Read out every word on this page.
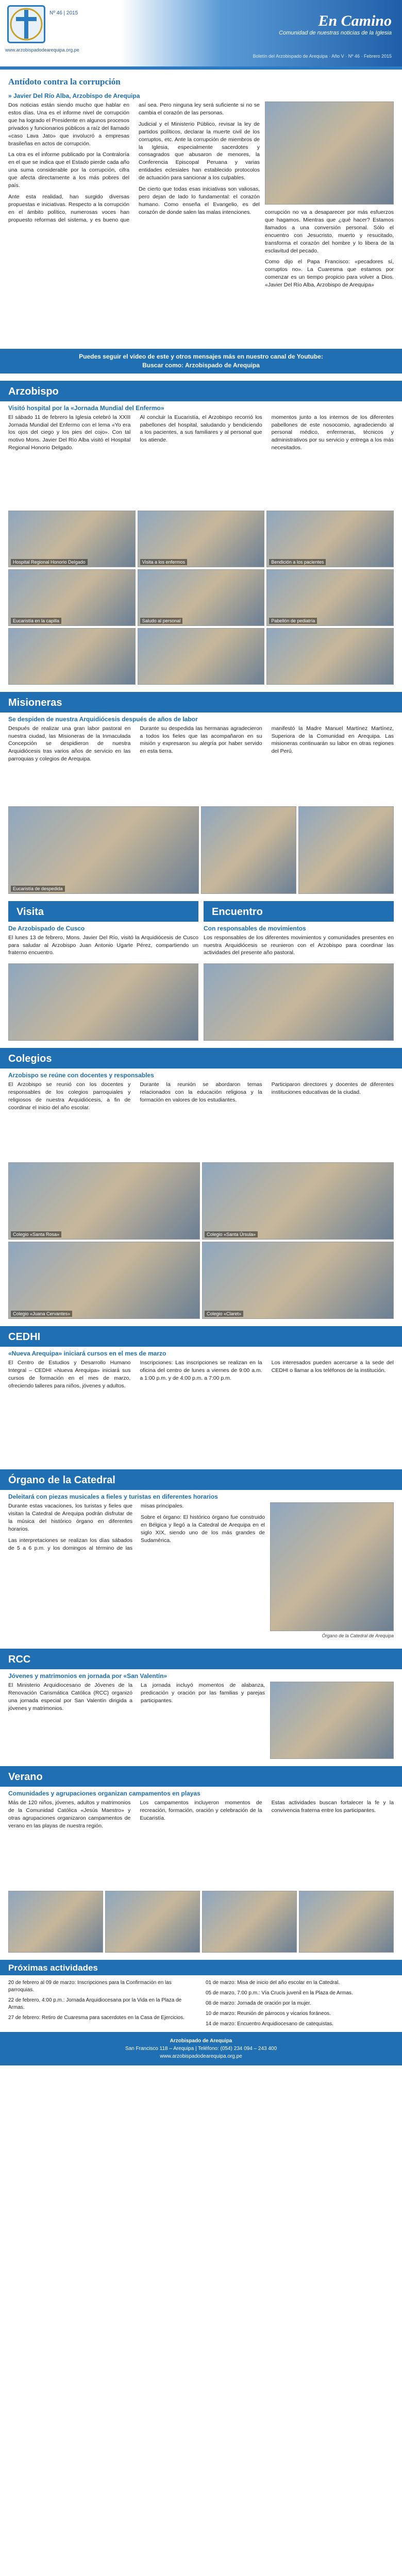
Nº 46 | 2015
www.arzobispadodearequipa.org.pe
En Camino

Comunidad de nuestras noticias de la Iglesia

Boletín del Arzobispado de Arequipa · Año V · Nº 46 · Febrero 2015
Antídoto contra la corrupción
» Javier Del Río Alba, Arzobispo de Arequipa

Dos noticias están siendo mucho que hablar en estos días. Una es el informe nivel de corrupción que ha logrado el Presidente en algunos procesos privados y funcionarios públicos a raíz del llamado «caso Lava Jato» que involucró a empresas brasileñas en actos de corrupción.

La otra es el informe publicado por la Contraloría en el que se indica que el Estado pierde cada año una suma considerable por la corrupción, cifra que afecta directamente a los más pobres del país.

Ante esta realidad, han surgido diversas propuestas e iniciativas. Respecto a la corrupción en el ámbito político, numerosas voces han propuesto reformas del sistema, y es bueno que así sea. Pero ninguna ley será suficiente si no se cambia el corazón de las personas.

Judicial y el Ministerio Público, revisar la ley de partidos políticos, declarar la muerte civil de los corruptos, etc. Ante la corrupción de miembros de la Iglesia, especialmente sacerdotes y consagrados que abusaron de menores, la Conferencia Episcopal Peruana y varias entidades eclesiales han establecido protocolos de actuación para sancionar a los culpables.

De cierto que todas esas iniciativas son valiosas, pero dejan de lado lo fundamental: el corazón humano. Como enseña el Evangelio, es del corazón de donde salen las malas intenciones.	corrupción no va a desaparecer por más esfuerzos que hagamos. Mientras que ¿qué hacer? Estamos llamados a una conversión personal. Sólo el encuentro con Jesucristo, muerto y resucitado, transforma el corazón del hombre y lo libera de la esclavitud del pecado.

Como dijo el Papa Francisco: «pecadores sí, corruptos no». La Cuaresma que estamos por comenzar es un tiempo propicio para volver a Dios. «Javier Del Río Alba, Arzobispo de Arequipa»

Puedes seguir el video de este y otros mensajes más en nuestro canal de Youtube:
Buscar como: Arzobispado de Arequipa
Arzobispo
Visitó hospital por la «Jornada Mundial del Enfermo»

El sábado 11 de febrero la Iglesia celebró la XXIII Jornada Mundial del Enfermo con el lema «Yo era los ojos del ciego y los pies del cojo». Con tal motivo Mons. Javier Del Río Alba visitó el Hospital Regional Honorio Delgado.

Al concluir la Eucaristía, el Arzobispo recorrió los pabellones del hospital, saludando y bendiciendo a los pacientes, a sus familiares y al personal que los atiende.

momentos junto a los internos de los diferentes pabellones de este nosocomio, agradeciendo al personal médico, enfermeras, técnicos y administrativos por su servicio y entrega a los más necesitados.

Hospital Regional Honorio Delgado	Visita a los enfermos	Bendición a los pacientes
Eucaristía en la capilla	Saludo al personal	Pabellón de pediatría
Misioneras
Se despiden de nuestra Arquidiócesis después de años de labor

Después de realizar una gran labor pastoral en nuestra ciudad, las Misioneras de la Inmaculada Concepción se despidieron de nuestra Arquidiócesis tras varios años de servicio en las parroquias y colegios de Arequipa.

Durante su despedida las hermanas agradecieron a todos los fieles que las acompañaron en su misión y expresaron su alegría por haber servido en esta tierra.

manifestó la Madre Manuel Martínez Martínez, Superiora de la Comunidad en Arequipa. Las misioneras continuarán su labor en otras regiones del Perú.

Eucaristía de despedida
Visita
De Arzobispado de Cusco

El lunes 13 de febrero, Mons. Javier Del Río, visitó la Arquidiócesis de Cusco para saludar al Arzobispo Juan Antonio Ugarte Pérez, compartiendo un fraterno encuentro.

Encuentro
Con responsables de movimientos

Los responsables de los diferentes movimientos y comunidades presentes en nuestra Arquidiócesis se reunieron con el Arzobispo para coordinar las actividades del presente año pastoral.

Colegios
Arzobispo se reúne con docentes y responsables

El Arzobispo se reunió con los docentes y responsables de los colegios parroquiales y religiosos de nuestra Arquidiócesis, a fin de coordinar el inicio del año escolar.

Durante la reunión se abordaron temas relacionados con la educación religiosa y la formación en valores de los estudiantes.

Participaron directores y docentes de diferentes instituciones educativas de la ciudad.

Colegio «Santa Rosa»	Colegio «Santa Úrsula»
Colegio «Juana Cervantes»	Colegio «Claret»
CEDHI
«Nueva Arequipa» iniciará cursos en el mes de marzo

El Centro de Estudios y Desarrollo Humano Integral – CEDHI «Nueva Arequipa» iniciará sus cursos de formación en el mes de marzo, ofreciendo talleres para niños, jóvenes y adultos.

Inscripciones: Las inscripciones se realizan en la oficina del centro de lunes a viernes de 9:00 a.m. a 1:00 p.m. y de 4:00 p.m. a 7:00 p.m.

Los interesados pueden acercarse a la sede del CEDHI o llamar a los teléfonos de la institución.

Órgano de la Catedral
Deleitará con piezas musicales a fieles y turistas en diferentes horarios

Durante estas vacaciones, los turistas y fieles que visitan la Catedral de Arequipa podrán disfrutar de la música del histórico órgano en diferentes horarios.

Las interpretaciones se realizan los días sábados de 5 a 6 p.m. y los domingos al término de las misas principales.

Sobre el órgano: El histórico órgano fue construido en Bélgica y llegó a la Catedral de Arequipa en el siglo XIX, siendo uno de los más grandes de Sudamérica.

Órgano de la Catedral de Arequipa
RCC
Jóvenes y matrimonios en jornada por «San Valentín»

El Ministerio Arquidiocesano de Jóvenes de la Renovación Carismática Católica (RCC) organizó una jornada especial por San Valentín dirigida a jóvenes y matrimonios.

La jornada incluyó momentos de alabanza, predicación y oración por las familias y parejas participantes.

Verano
Comunidades y agrupaciones organizan campamentos en playas

Más de 120 niños, jóvenes, adultos y matrimonios de la Comunidad Católica «Jesús Maestro» y otras agrupaciones organizaron campamentos de verano en las playas de nuestra región.

Los campamentos incluyeron momentos de recreación, formación, oración y celebración de la Eucaristía.

Estas actividades buscan fortalecer la fe y la convivencia fraterna entre los participantes.

Próximas actividades

20 de febrero al 09 de marzo: Inscripciones para la Confirmación en las parroquias.

22 de febrero, 4:00 p.m.: Jornada Arquidiocesana por la Vida en la Plaza de Armas.

27 de febrero: Retiro de Cuaresma para sacerdotes en la Casa de Ejercicios.

01 de marzo: Misa de inicio del año escolar en la Catedral.

05 de marzo, 7:00 p.m.: Vía Crucis juvenil en la Plaza de Armas.

08 de marzo: Jornada de oración por la mujer.

10 de marzo: Reunión de párrocos y vicarios foráneos.

14 de marzo: Encuentro Arquidiocesano de catequistas.

Arzobispado de Arequipa
San Francisco 118 – Arequipa | Teléfono: (054) 234 094 – 243 400
www.arzobispadodearequipa.org.pe
